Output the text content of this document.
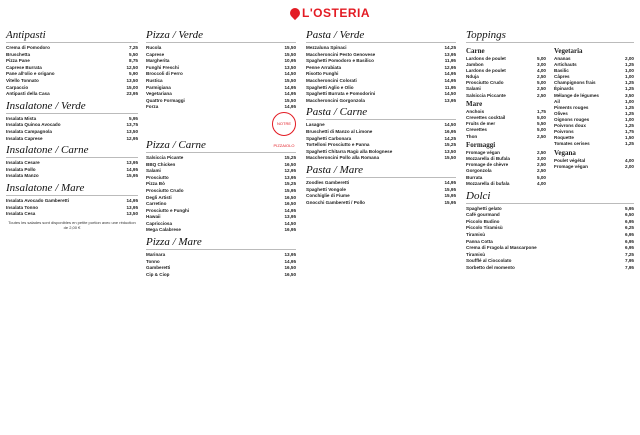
L'OSTERIA
Antipasti
Crema di Pomodoro	7,25
Bruschetta	5,50
Pizza Pane	8,75
Caprese Burrata	12,50
Pane all'olio e origano	5,90
Vitello Tonnato	13,50
Carpaccio	15,00
Antipasti della Casa	23,95
Insalatone / Verde
Insalata Mista	5,95
Insalata Quinoa Avocado	13,75
Insalata Campagnola	13,50
Insalata Caprese	12,95
Insalatone / Carne
Insalata Cesare	13,95
Insalata Pollo	14,95
Insalata Manzo	15,95
Insalatone / Mare
Insalata Avocado Gamberetti	14,95
Insalata Tonno	13,95
Insalata Cesa	13,50
Toutes les salades sont disponibles en petite portion avec une réduction de 2,00 €
Pizza / Verde
Rucola	15,50
Caprese	15,50
Margherita	10,95
Funghi Freschi	13,50
Broccoli di Ferro	14,50
Rustica	15,50
Parmigiana	14,95
Vegetariana	14,95
Quattro Formaggi	15,50
Forza	14,95
NOTRE PIZZAIOLO
Pizza / Carne
Salsiccia Picante	15,25
BBQ Chicken	16,50
Salami	12,95
Prosciutto	13,95
Pizza Bò	15,25
Prosciutto Crudo	15,95
Degli Artisti	16,50
Carretino	16,50
Prosciutto e Funghi	14,95
Hawaii	13,95
Capricciosa	14,50
Mega Calabrese	16,95
Pizza / Mare
Marinara	13,95
Tonno	14,95
Gamberetti	16,50
Cip & Ciop	16,50
Pasta / Verde
Mezzaluna Spinaci	14,25
Maccheroncini Pesto Genovese	13,95
Spaghetti Pomodoro e Basilico	11,95
Penne Arrabiata	12,95
Risotto Funghi	14,95
Maccheroncini Colorati	14,95
Spaghetti Aglio e Olio	11,95
Spaghetti Burrata e Pomodorini	14,50
Maccheroncini Gorgonzola	13,95
Pasta / Carne
Lasagne	14,50
Bruschetti di Manzo al Limone	16,95
Spaghetti Carbonara	14,25
Tortelloni Prosciutto e Panna	15,25
Spaghetti Chitarra Ragù alla Bolognese	13,50
Maccheroncini Pollo alla Romana	15,50
Pasta / Mare
Zoodles Gamberetti	14,95
Spaghetti Vongole	15,95
Conchiglie di Fiume	15,95
Gnocchi Gamberetti / Pollo	15,95
Toppings
Carne
Lardons de poulet	5,00
Jambon	3,00
Lardons de poulet	4,00
Nduja	2,50
Prosciutto Crudo	5,00
Salami	2,50
Salsiccia Piccante	2,50
Mare
Anchois	1,75
Crevettes cocktail	5,00
Fruits de mer	5,50
Crevettes	5,00
Thon	2,50
Formaggi
Fromage végan	2,50
Mozzarella di Bufala	3,00
Fromage de chèvre	2,50
Gorgonzola	2,50
Burrata	5,00
Mozzarella di bufala	4,00
Vegetaria
Ananas	2,00
Artichauts	1,25
Basilic	1,00
Câpres	1,00
Champignons frais	1,25
Épinards	1,25
Mélange de légumes	3,50
Ail	1,00
Piments rouges	1,25
Olives	1,25
Oignons rouges	1,00
Poivrons doux	1,25
Poivrons	1,75
Roquette	1,50
Tomates cerises	1,25
Vegana
Poulet végétal	4,00
Fromage végan	2,00
Dolci
Spaghetti gelato	5,95
Café gourmand	6,50
Piccolo Budino	6,95
Piccolo Tiramisù	6,25
Tiramisù	6,95
Panna Cotta	6,95
Crema di Fragola al Mascarpone	6,95
Tiramisù	7,25
Soufflé al Cioccolato	7,95
Sorbetto del momento	7,95
